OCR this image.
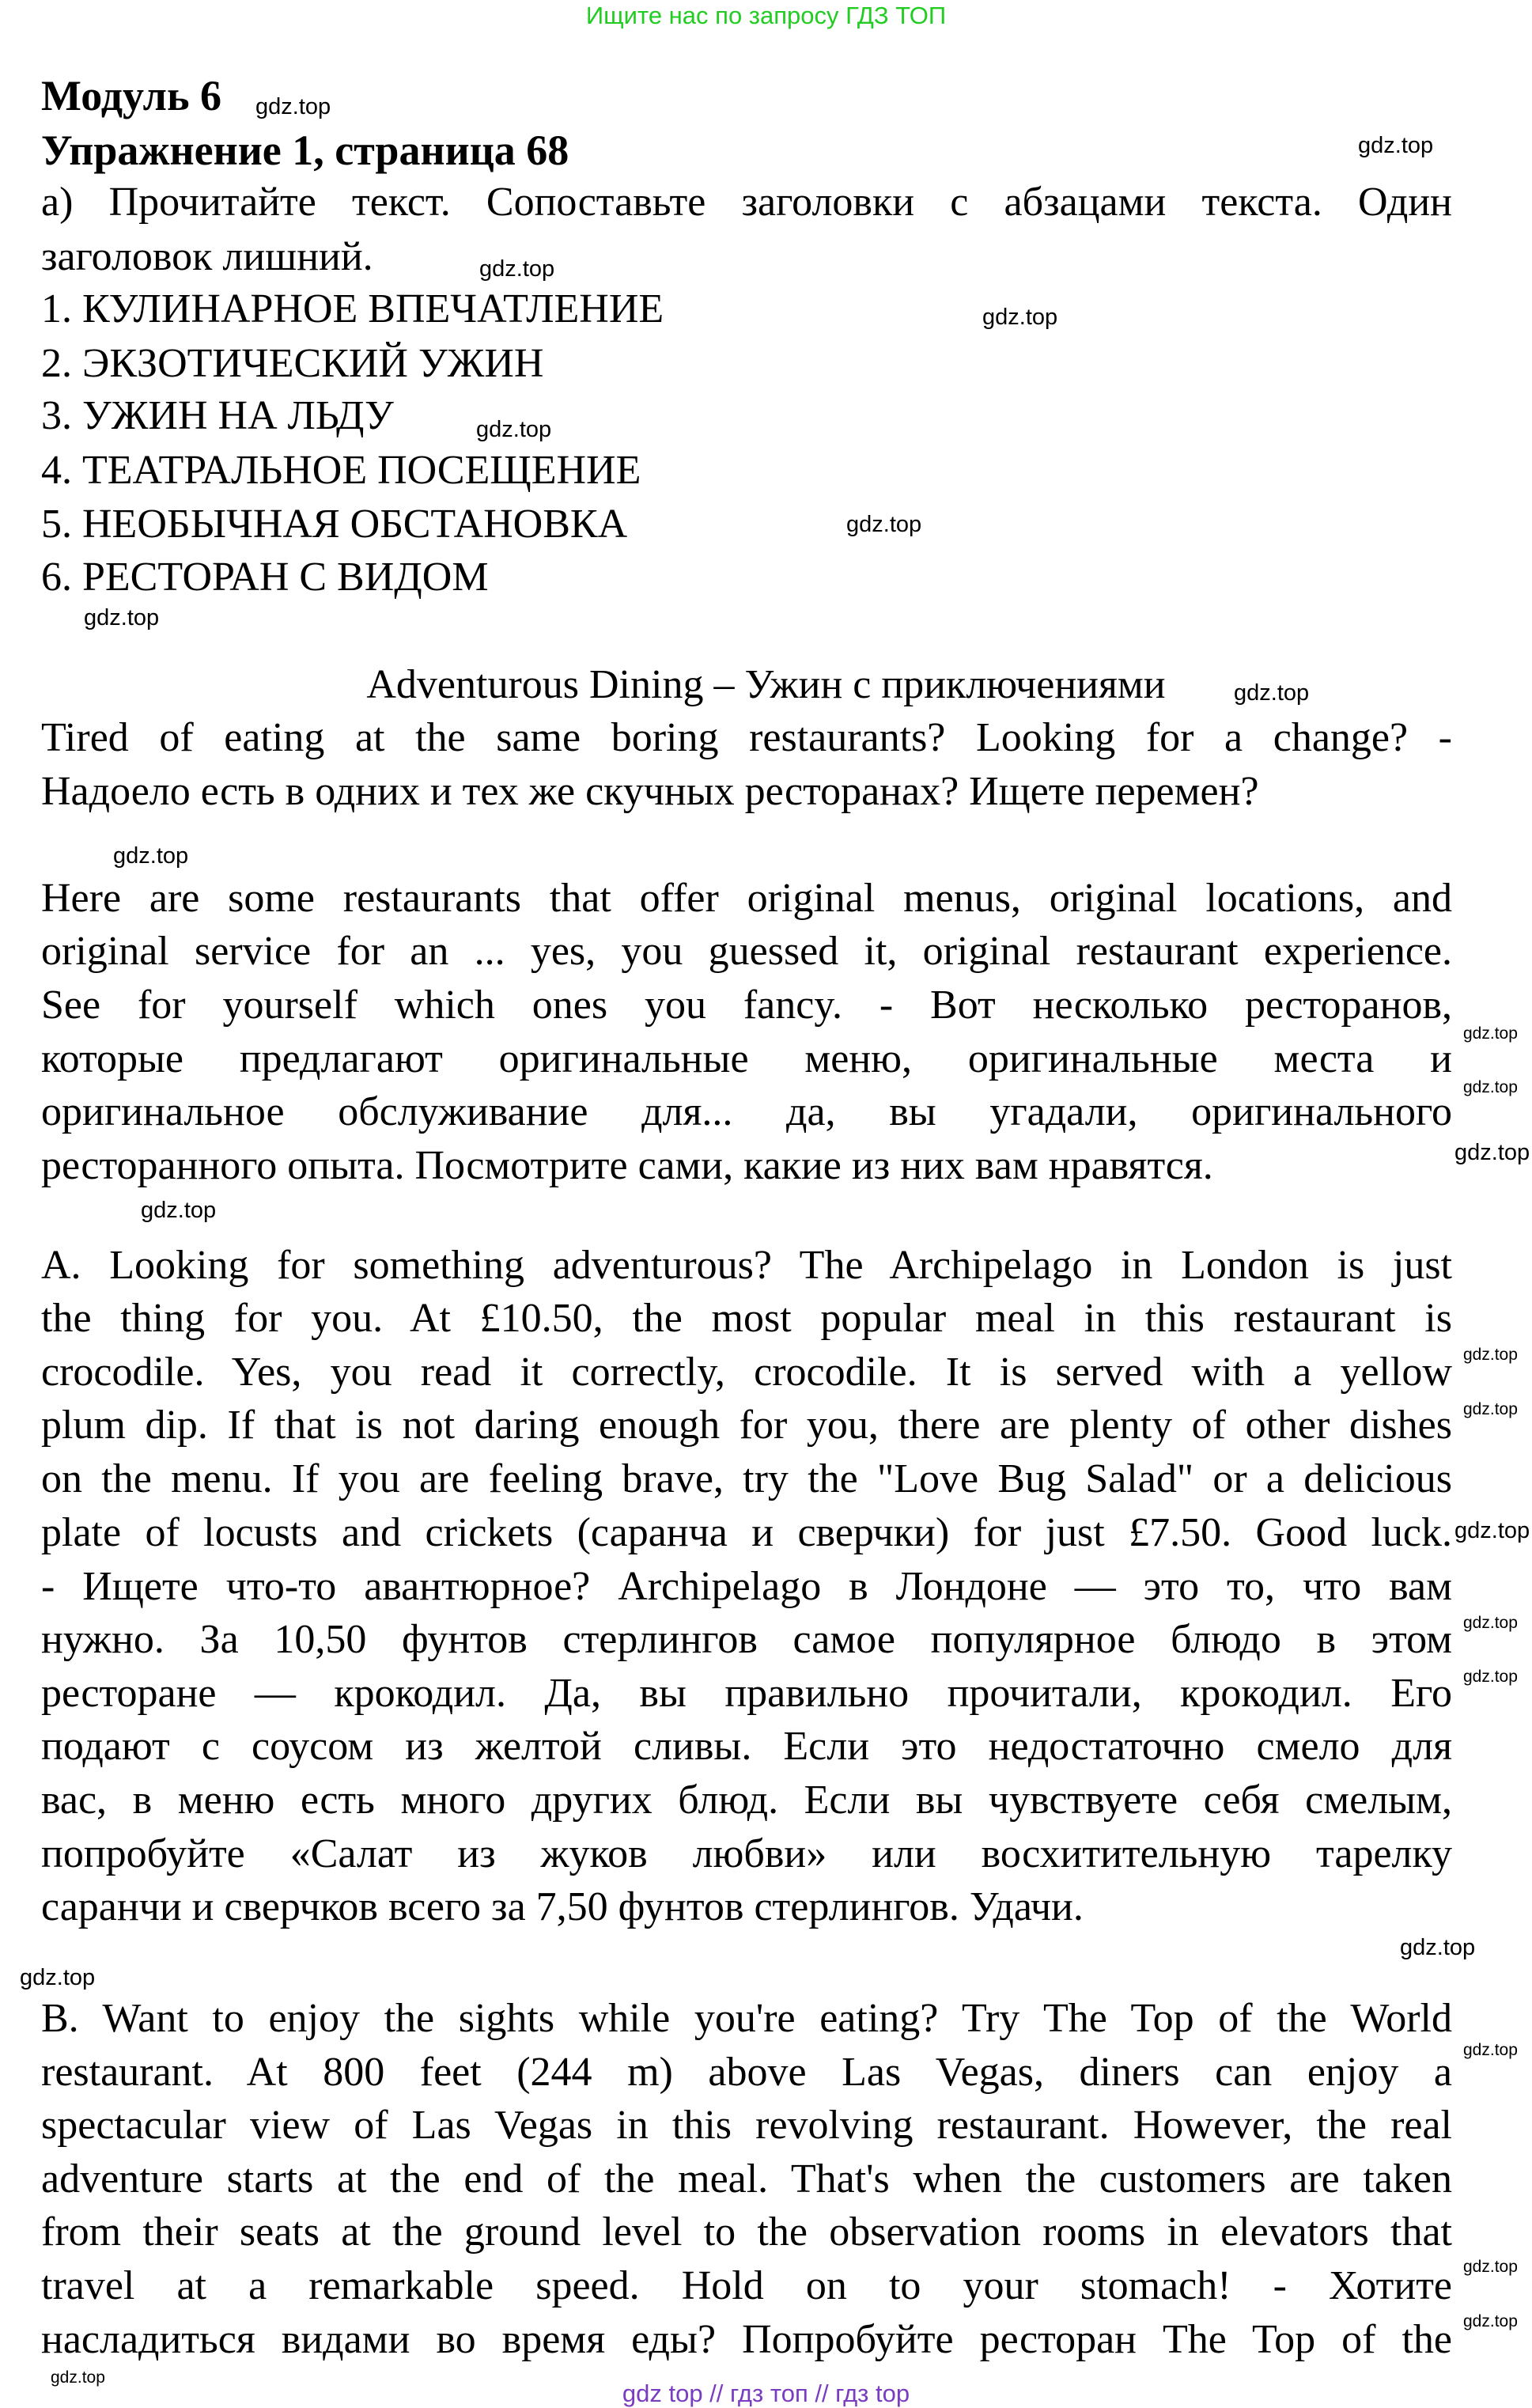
Ищите нас по запросу ГДЗ ТОП
Модуль 6
Упражнение 1, страница 68
а) Прочитайте текст. Сопоставьте заголовки с абзацами текста. Один
заголовок лишний.
1. КУЛИНАРНОЕ ВПЕЧАТЛЕНИЕ
2. ЭКЗОТИЧЕСКИЙ УЖИН
3. УЖИН НА ЛЬДУ
4. ТЕАТРАЛЬНОЕ ПОСЕЩЕНИЕ
5. НЕОБЫЧНАЯ ОБСТАНОВКА
6. РЕСТОРАН С ВИДОМ
Adventurous Dining – Ужин с приключениями
Tired of eating at the same boring restaurants? Looking for a change? -
Надоело есть в одних и тех же скучных ресторанах? Ищете перемен?
Here are some restaurants that offer original menus, original locations, and
original service for an ... yes, you guessed it, original restaurant experience.
See for yourself which ones you fancy. - Вот несколько ресторанов,
которые предлагают оригинальные меню, оригинальные места и
оригинальное обслуживание для... да, вы угадали, оригинального
ресторанного опыта. Посмотрите сами, какие из них вам нравятся.
A. Looking for something adventurous? The Archipelago in London is just
the thing for you. At £10.50, the most popular meal in this restaurant is
crocodile. Yes, you read it correctly, crocodile. It is served with a yellow
plum dip. If that is not daring enough for you, there are plenty of other dishes
on the menu. If you are feeling brave, try the "Love Bug Salad" or a delicious
plate of locusts and crickets (саранча и сверчки) for just £7.50. Good luck.
- Ищете что-то авантюрное? Archipelago в Лондоне — это то, что вам
нужно. За 10,50 фунтов стерлингов самое популярное блюдо в этом
ресторане — крокодил. Да, вы правильно прочитали, крокодил. Его
подают с соусом из желтой сливы. Если это недостаточно смело для
вас, в меню есть много других блюд. Если вы чувствуете себя смелым,
попробуйте «Салат из жуков любви» или восхитительную тарелку
саранчи и сверчков всего за 7,50 фунтов стерлингов. Удачи.
B. Want to enjoy the sights while you're eating? Try The Top of the World
restaurant. At 800 feet (244 m) above Las Vegas, diners can enjoy a
spectacular view of Las Vegas in this revolving restaurant. However, the real
adventure starts at the end of the meal. That's when the customers are taken
from their seats at the ground level to the observation rooms in elevators that
travel at a remarkable speed. Hold on to your stomach! - Хотите
насладиться видами во время еды? Попробуйте ресторан The Top of the
gdz.top
gdz.top
gdz.top
gdz.top
gdz.top
gdz.top
gdz.top
gdz.top
gdz.top
gdz.top
gdz.top
gdz.top
gdz.top
gdz.top
gdz.top
gdz.top
gdz.top
gdz.top
gdz.top
gdz.top
gdz.top
gdz.top
gdz.top
gdz.top
gdz top // гдз топ // гдз top
